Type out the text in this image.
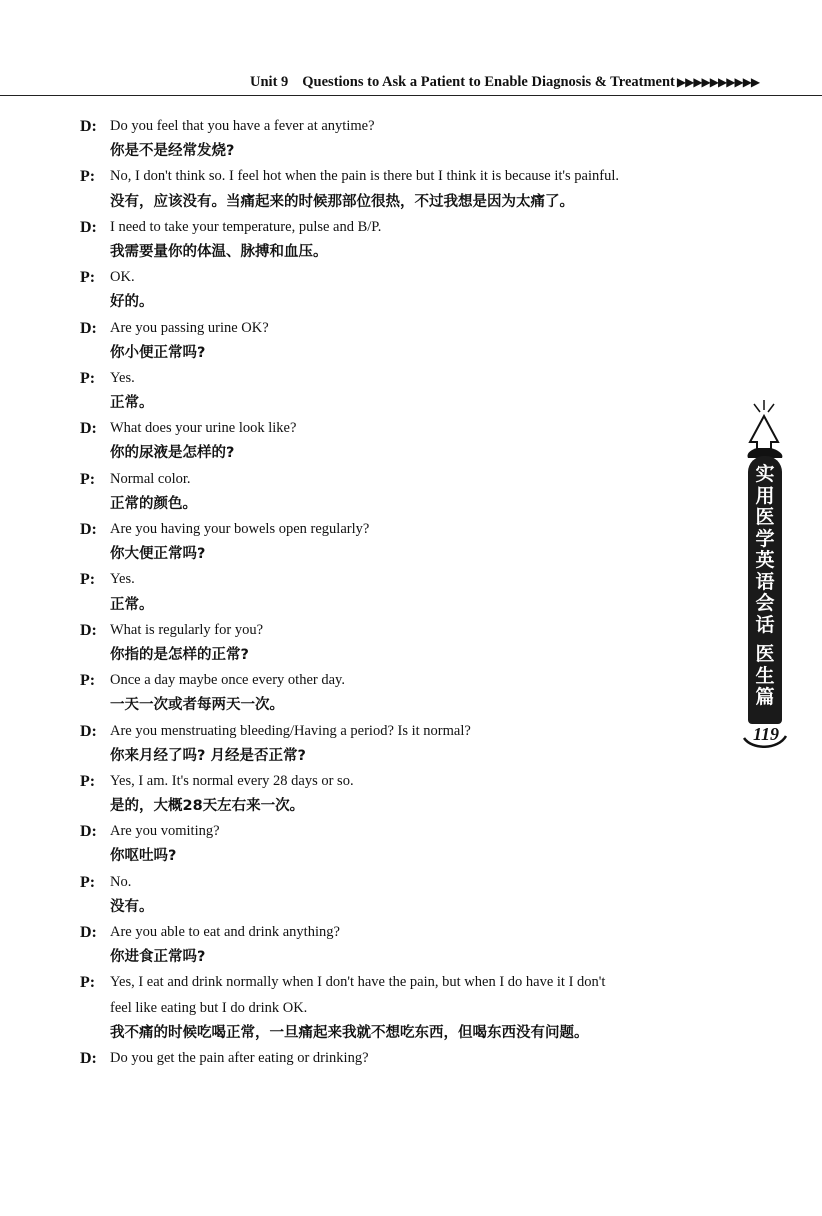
Unit 9 Questions to Ask a Patient to Enable Diagnosis & Treatment ▶▶▶▶▶▶▶▶▶▶
D: Do you feel that you have a fever at anytime?
你是不是经常发烧?
P: No, I don't think so. I feel hot when the pain is there but I think it is because it's painful.
没有，应该没有。当痛起来的时候那部位很热，不过我想是因为太痛了。
D: I need to take your temperature, pulse and B/P.
我需要量你的体温、脉搏和血压。
P: OK.
好的。
D: Are you passing urine OK?
你小便正常吗?
P: Yes.
正常。
D: What does your urine look like?
你的尿液是怎样的?
P: Normal color.
正常的颜色。
D: Are you having your bowels open regularly?
你大便正常吗?
P: Yes.
正常。
D: What is regularly for you?
你指的是怎样的正常?
P: Once a day maybe once every other day.
一天一次或者每两天一次。
D: Are you menstruating bleeding/Having a period? Is it normal?
你来月经了吗? 月经是否正常?
P: Yes, I am. It's normal every 28 days or so.
是的，大概28天左右来一次。
D: Are you vomiting?
你呕吐吗?
P: No.
没有。
D: Are you able to eat and drink anything?
你进食正常吗?
P: Yes, I eat and drink normally when I don't have the pain, but when I do have it I don't
feel like eating but I do drink OK.
我不痛的时候吃喝正常，一旦痛起来我就不想吃东西，但喝东西没有问题。
D: Do you get the pain after eating or drinking?
实
用
医
学
英
语
会
话
医
生
篇
119
